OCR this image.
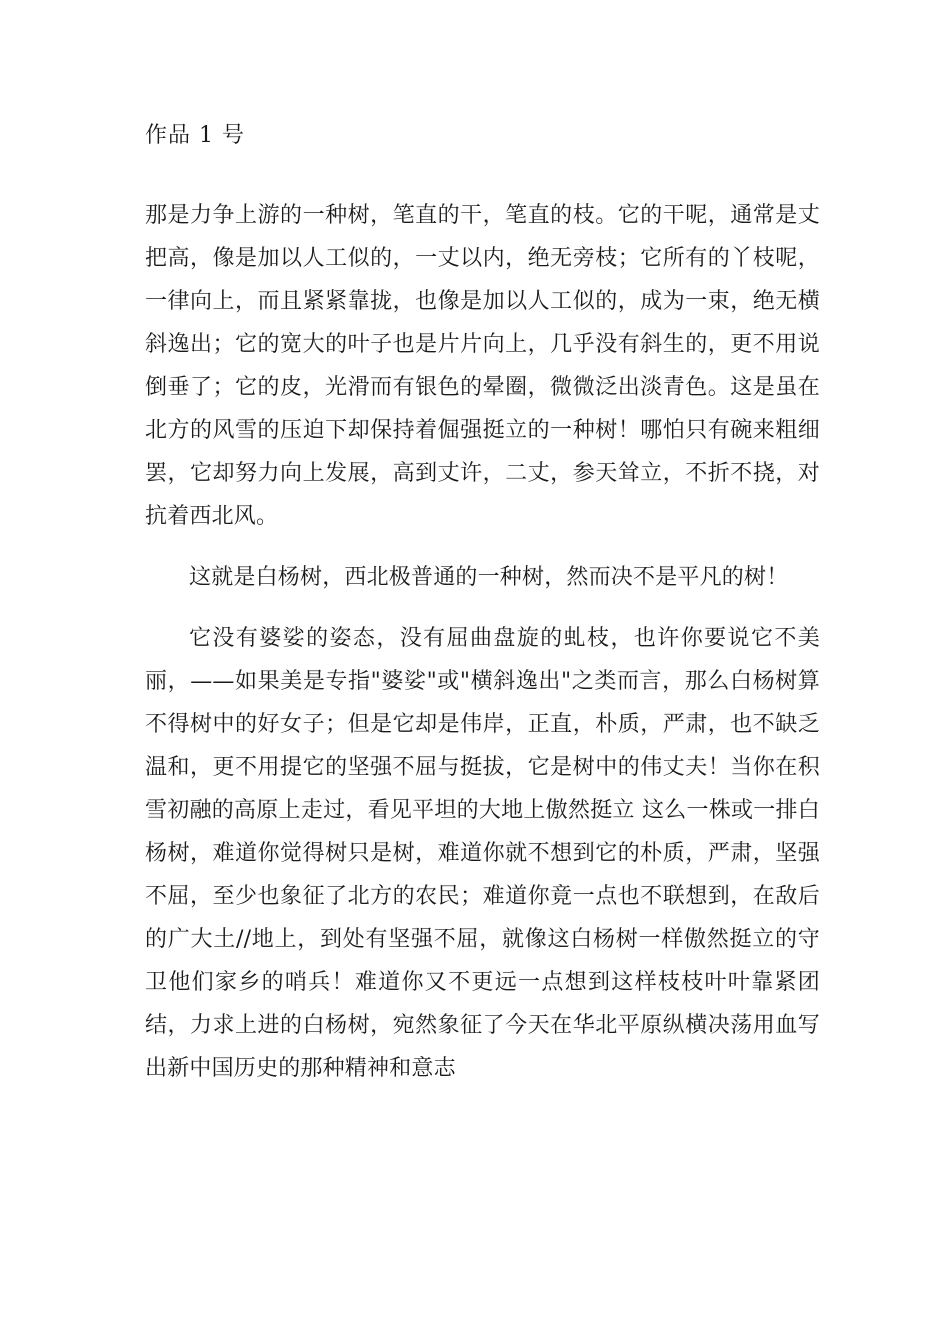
作品 1 号

那是力争上游的一种树，笔直的干，笔直的枝。它的干呢，通常是丈把高，像是加以人工似的，一丈以内，绝无旁枝；它所有的丫枝呢，一律向上，而且紧紧靠拢，也像是加以人工似的，成为一束，绝无横斜逸出；它的宽大的叶子也是片片向上，几乎没有斜生的，更不用说倒垂了；它的皮，光滑而有银色的晕圈，微微泛出淡青色。这是虽在北方的风雪的压迫下却保持着倔强挺立的一种树！哪怕只有碗来粗细罢，它却努力向上发展，高到丈许，二丈，参天耸立，不折不挠，对抗着西北风。

这就是白杨树，西北极普通的一种树，然而决不是平凡的树！

它没有婆娑的姿态，没有屈曲盘旋的虬枝，也许你要说它不美丽，——如果美是专指"婆娑"或"横斜逸出"之类而言，那么白杨树算不得树中的好女子；但是它却是伟岸，正直，朴质，严肃，也不缺乏温和，更不用提它的坚强不屈与挺拔，它是树中的伟丈夫！当你在积雪初融的高原上走过，看见平坦的大地上傲然挺立 这么一株或一排白杨树，难道你觉得树只是树，难道你就不想到它的朴质，严肃，坚强不屈，至少也象征了北方的农民；难道你竟一点也不联想到，在敌后的广大土//地上，到处有坚强不屈，就像这白杨树一样傲然挺立的守卫他们家乡的哨兵！难道你又不更远一点想到这样枝枝叶叶靠紧团结，力求上进的白杨树，宛然象征了今天在华北平原纵横决荡用血写出新中国历史的那种精神和意志
